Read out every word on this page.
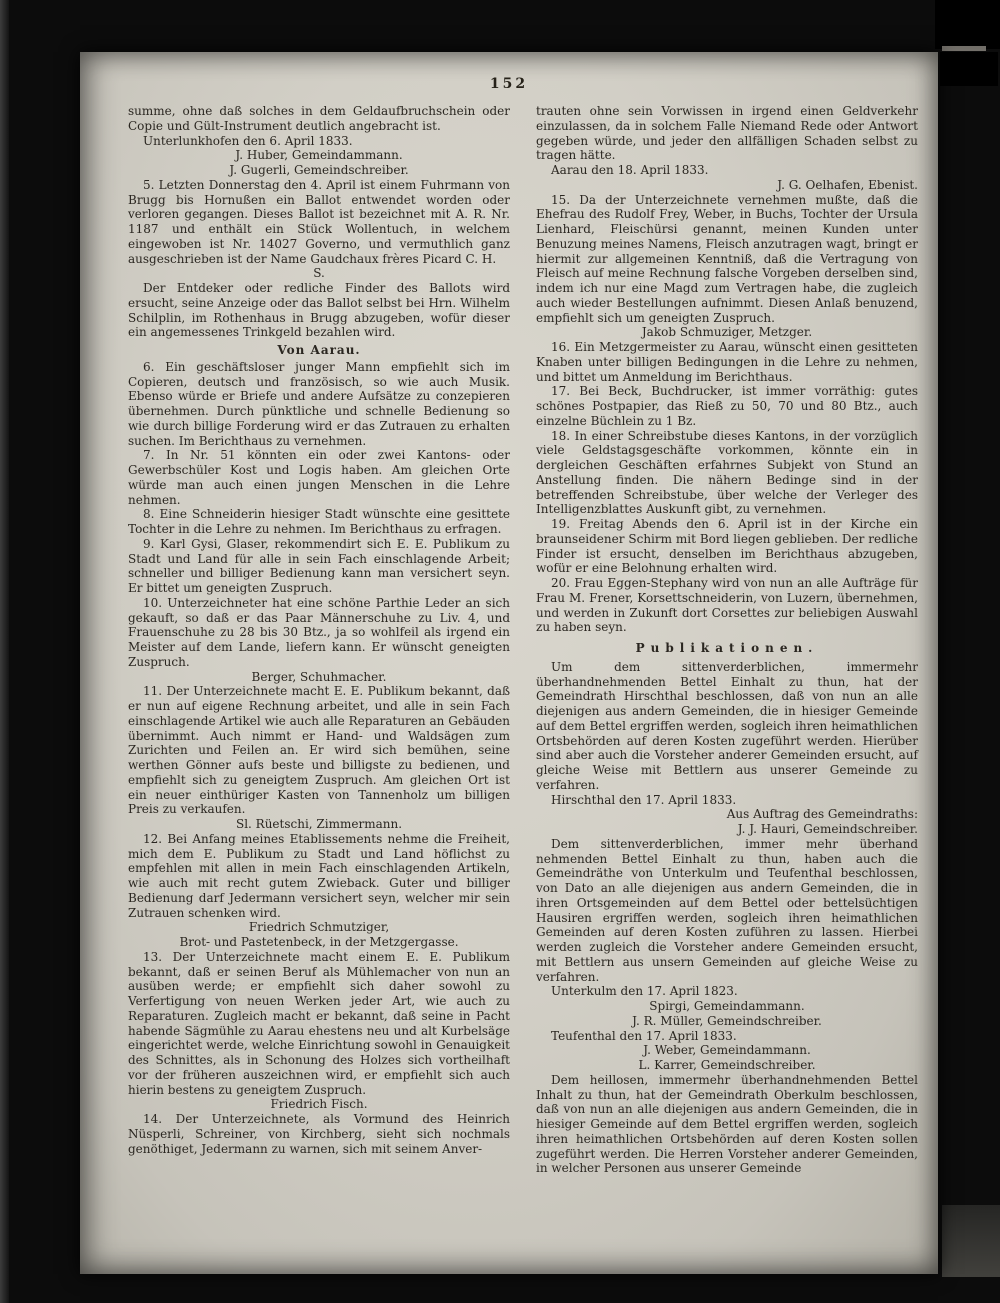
152

summe, ohne daß solches in dem Geldaufbruchschein oder Copie und Gült-Instrument deutlich angebracht ist.

Unterlunkhofen den 6. April 1833.

J. Huber, Gemeindammann.

J. Gugerli, Gemeindschreiber.

5. Letzten Donnerstag den 4. April ist einem Fuhrmann von Brugg bis Hornußen ein Ballot entwendet worden oder verloren gegangen. Dieses Ballot ist bezeichnet mit A. R. Nr. 1187 und enthält ein Stück Wollentuch, in welchem eingewoben ist Nr. 14027 Governo, und vermuthlich ganz ausgeschrieben ist der Name Gaudchaux frères Picard C. H.

S.

Der Entdeker oder redliche Finder des Ballots wird ersucht, seine Anzeige oder das Ballot selbst bei Hrn. Wilhelm Schilplin, im Rothenhaus in Brugg abzugeben, wofür dieser ein angemessenes Trinkgeld bezahlen wird.

Von Aarau.

6. Ein geschäftsloser junger Mann empfiehlt sich im Copieren, deutsch und französisch, so wie auch Musik. Ebenso würde er Briefe und andere Aufsätze zu conzepieren übernehmen. Durch pünktliche und schnelle Bedienung so wie durch billige Forderung wird er das Zutrauen zu erhalten suchen. Im Berichthaus zu vernehmen.

7. In Nr. 51 könnten ein oder zwei Kantons- oder Gewerbschüler Kost und Logis haben. Am gleichen Orte würde man auch einen jungen Menschen in die Lehre nehmen.

8. Eine Schneiderin hiesiger Stadt wünschte eine gesittete Tochter in die Lehre zu nehmen. Im Berichthaus zu erfragen.

9. Karl Gysi, Glaser, rekommendirt sich E. E. Publikum zu Stadt und Land für alle in sein Fach einschlagende Arbeit; schneller und billiger Bedienung kann man versichert seyn. Er bittet um geneigten Zuspruch.

10. Unterzeichneter hat eine schöne Parthie Leder an sich gekauft, so daß er das Paar Männerschuhe zu Liv. 4, und Frauenschuhe zu 28 bis 30 Btz., ja so wohlfeil als irgend ein Meister auf dem Lande, liefern kann. Er wünscht geneigten Zuspruch.

Berger, Schuhmacher.

11. Der Unterzeichnete macht E. E. Publikum bekannt, daß er nun auf eigene Rechnung arbeitet, und alle in sein Fach einschlagende Artikel wie auch alle Reparaturen an Gebäuden übernimmt. Auch nimmt er Hand- und Waldsägen zum Zurichten und Feilen an. Er wird sich bemühen, seine werthen Gönner aufs beste und billigste zu bedienen, und empfiehlt sich zu geneigtem Zuspruch. Am gleichen Ort ist ein neuer einthüriger Kasten von Tannenholz um billigen Preis zu verkaufen.

Sl. Rüetschi, Zimmermann.

12. Bei Anfang meines Etablissements nehme die Freiheit, mich dem E. Publikum zu Stadt und Land höflichst zu empfehlen mit allen in mein Fach einschlagenden Artikeln, wie auch mit recht gutem Zwieback. Guter und billiger Bedienung darf Jedermann versichert seyn, welcher mir sein Zutrauen schenken wird.

Friedrich Schmutziger,

Brot- und Pastetenbeck, in der Metzgergasse.

13. Der Unterzeichnete macht einem E. E. Publikum bekannt, daß er seinen Beruf als Mühlemacher von nun an ausüben werde; er empfiehlt sich daher sowohl zu Verfertigung von neuen Werken jeder Art, wie auch zu Reparaturen. Zugleich macht er bekannt, daß seine in Pacht habende Sägmühle zu Aarau ehestens neu und alt Kurbelsäge eingerichtet werde, welche Einrichtung sowohl in Genauigkeit des Schnittes, als in Schonung des Holzes sich vortheilhaft vor der früheren auszeichnen wird, er empfiehlt sich auch hierin bestens zu geneigtem Zuspruch.

Friedrich Fisch.

14. Der Unterzeichnete, als Vormund des Heinrich Nüsperli, Schreiner, von Kirchberg, sieht sich nochmals genöthiget, Jedermann zu warnen, sich mit seinem Anver-

trauten ohne sein Vorwissen in irgend einen Geldverkehr einzulassen, da in solchem Falle Niemand Rede oder Antwort gegeben würde, und jeder den allfälligen Schaden selbst zu tragen hätte.

Aarau den 18. April 1833.

J. G. Oelhafen, Ebenist.

15. Da der Unterzeichnete vernehmen mußte, daß die Ehefrau des Rudolf Frey, Weber, in Buchs, Tochter der Ursula Lienhard, Fleischürsi genannt, meinen Kunden unter Benuzung meines Namens, Fleisch anzutragen wagt, bringt er hiermit zur allgemeinen Kenntniß, daß die Vertragung von Fleisch auf meine Rechnung falsche Vorgeben derselben sind, indem ich nur eine Magd zum Vertragen habe, die zugleich auch wieder Bestellungen aufnimmt. Diesen Anlaß benuzend, empfiehlt sich um geneigten Zuspruch.

Jakob Schmuziger, Metzger.

16. Ein Metzgermeister zu Aarau, wünscht einen gesitteten Knaben unter billigen Bedingungen in die Lehre zu nehmen, und bittet um Anmeldung im Berichthaus.

17. Bei Beck, Buchdrucker, ist immer vorräthig: gutes schönes Postpapier, das Rieß zu 50, 70 und 80 Btz., auch einzelne Büchlein zu 1 Bz.

18. In einer Schreibstube dieses Kantons, in der vorzüglich viele Geldstagsgeschäfte vorkommen, könnte ein in dergleichen Geschäften erfahrnes Subjekt von Stund an Anstellung finden. Die nähern Bedinge sind in der betreffenden Schreibstube, über welche der Verleger des Intelligenzblattes Auskunft gibt, zu vernehmen.

19. Freitag Abends den 6. April ist in der Kirche ein braunseidener Schirm mit Bord liegen geblieben. Der redliche Finder ist ersucht, denselben im Berichthaus abzugeben, wofür er eine Belohnung erhalten wird.

20. Frau Eggen-Stephany wird von nun an alle Aufträge für Frau M. Frener, Korsettschneiderin, von Luzern, übernehmen, und werden in Zukunft dort Corsettes zur beliebigen Auswahl zu haben seyn.

Publikationen.

Um dem sittenverderblichen, immermehr überhandnehmenden Bettel Einhalt zu thun, hat der Gemeindrath Hirschthal beschlossen, daß von nun an alle diejenigen aus andern Gemeinden, die in hiesiger Gemeinde auf dem Bettel ergriffen werden, sogleich ihren heimathlichen Ortsbehörden auf deren Kosten zugeführt werden. Hierüber sind aber auch die Vorsteher anderer Gemeinden ersucht, auf gleiche Weise mit Bettlern aus unserer Gemeinde zu verfahren.

Hirschthal den 17. April 1833.

Aus Auftrag des Gemeindraths:

J. J. Hauri, Gemeindschreiber.

Dem sittenverderblichen, immer mehr überhand nehmenden Bettel Einhalt zu thun, haben auch die Gemeindräthe von Unterkulm und Teufenthal beschlossen, von Dato an alle diejenigen aus andern Gemeinden, die in ihren Ortsgemeinden auf dem Bettel oder bettelsüchtigen Hausiren ergriffen werden, sogleich ihren heimathlichen Gemeinden auf deren Kosten zuführen zu lassen. Hierbei werden zugleich die Vorsteher andere Gemeinden ersucht, mit Bettlern aus unsern Gemeinden auf gleiche Weise zu verfahren.

Unterkulm den 17. April 1823.

Spirgi, Gemeindammann.

J. R. Müller, Gemeindschreiber.

Teufenthal den 17. April 1833.

J. Weber, Gemeindammann.

L. Karrer, Gemeindschreiber.

Dem heillosen, immermehr überhandnehmenden Bettel Inhalt zu thun, hat der Gemeindrath Oberkulm beschlossen, daß von nun an alle diejenigen aus andern Gemeinden, die in hiesiger Gemeinde auf dem Bettel ergriffen werden, sogleich ihren heimathlichen Ortsbehörden auf deren Kosten sollen zugeführt werden. Die Herren Vorsteher anderer Gemeinden, in welcher Personen aus unserer Gemeinde
